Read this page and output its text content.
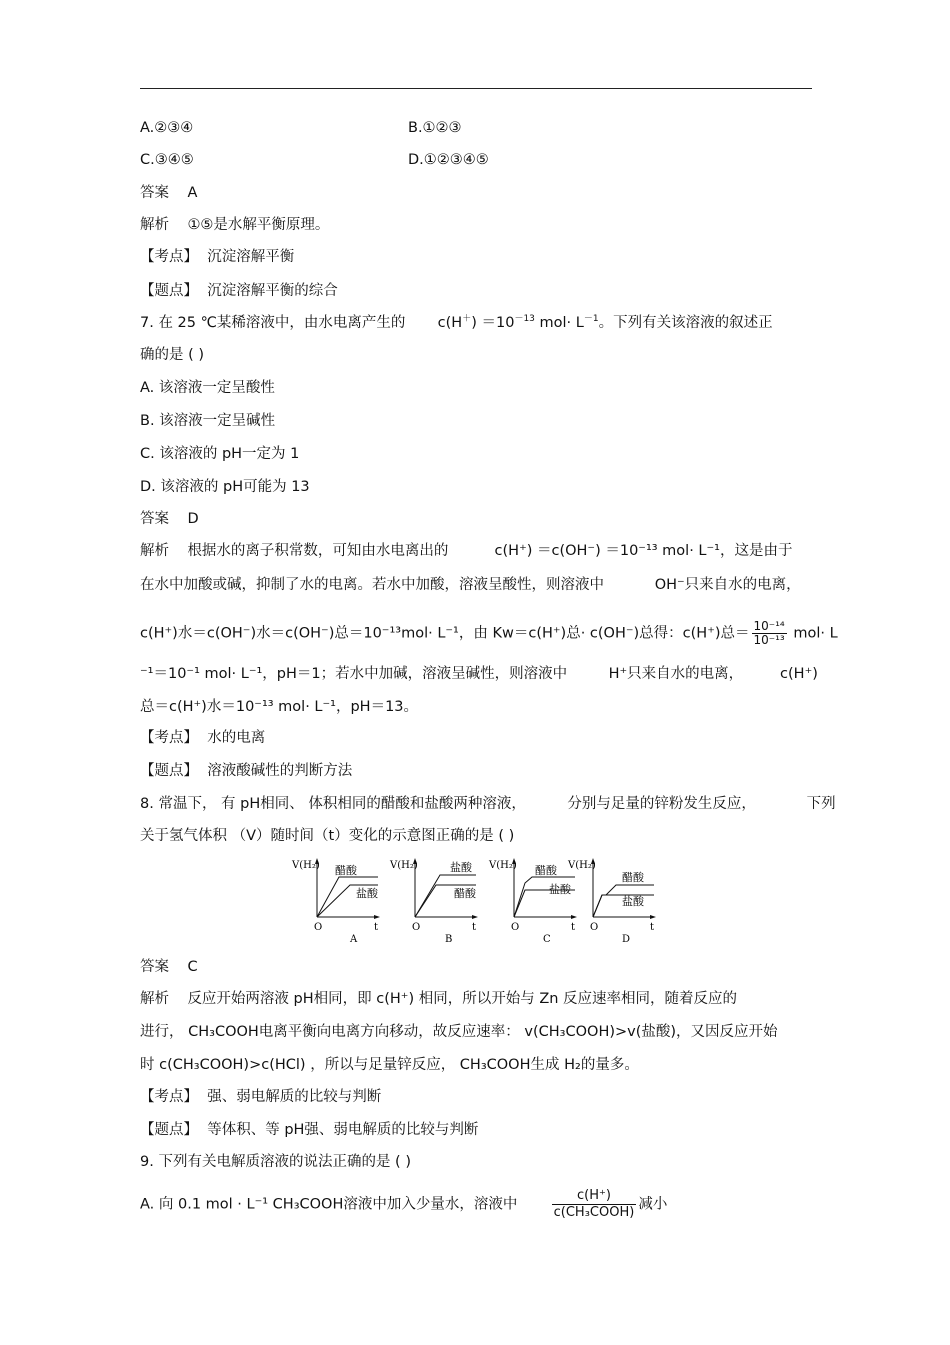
A.②③④	B.①②③
C.③④⑤	D.①②③④⑤
答案 A
解析 ①⑤是水解平衡原理。
【考点】 沉淀溶解平衡
【题点】 沉淀溶解平衡的综合
7. 在 25 ℃某稀溶液中，由水电离产生的 $c(H^+) =10^{-13}$ $mol\cdot L^{-1}$。下列有关该溶液的叙述正
确的是 ( )
A. 该溶液一定呈酸性
B. 该溶液一定呈碱性
C. 该溶液的 pH一定为 1
D. 该溶液的 pH可能为 13
答案 D
解析 根据水的离子积常数，可知由水电离出的	c(H⁺) ＝c(OH⁻) ＝10⁻¹³ mol· L⁻¹，这是由于
在水中加酸或碱，抑制了水的电离。若水中加酸，溶液呈酸性，则溶液中	OH⁻只来自水的电离，
c(H⁺)水＝c(OH⁻)水＝c(OH⁻)总＝10⁻¹³mol· L⁻¹，由 Kw＝c(H⁺)总· c(OH⁻)总得：c(H⁺)总＝ $\frac{\text{10⁻¹⁴}}{\text{10⁻¹³}} mol\cdot L$
⁻¹＝10⁻¹ mol· L⁻¹，pH＝1；若水中加碱，溶液呈碱性，则溶液中	H⁺只来自水的电离，	c(H⁺)
总＝c(H⁺)水＝10⁻¹³ mol· L⁻¹，pH＝13。
【考点】 水的电离
【题点】 溶液酸碱性的判断方法
8. 常温下， 有 pH相同、 体积相同的醋酸和盐酸两种溶液，	分别与足量的锌粉发生反应，	下列
关于氢气体积 （V）随时间（t）变化的示意图正确的是 ( )
V(H₂)
O	t
醋酸
盐酸
A
V(H₂)
O	t
盐酸
醋酸
B
V(H₂)
O	t
醋酸
盐酸
C
V(H₂)
O	t
醋酸
盐酸
D
答案 C
解析 反应开始两溶液 pH相同，即 c(H⁺) 相同，所以开始与 Zn 反应速率相同，随着反应的
进行， CH₃COOH电离平衡向电离方向移动，故反应速率： v(CH₃COOH)>v(盐酸)，又因反应开始
时 c(CH₃COOH)>c(HCl) ，所以与足量锌反应， CH₃COOH生成 H₂的量多。
【考点】 强、弱电解质的比较与判断
【题点】 等体积、等 pH强、弱电解质的比较与判断
9. 下列有关电解质溶液的说法正确的是 ( )
A. 向 0.1 mol · L⁻¹ CH₃COOH溶液中加入少量水，溶液中	$\frac{c(H^+)}{\text{c(CH₃COOH)}}$ 减小
